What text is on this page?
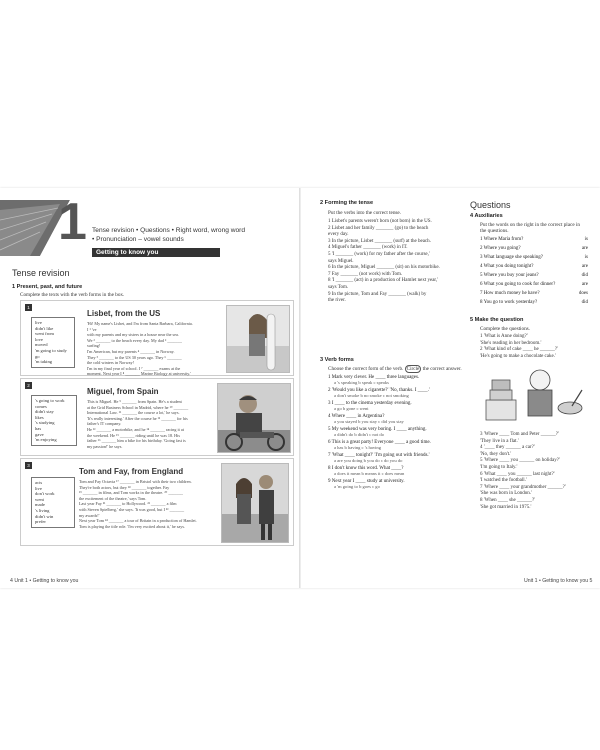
1 Tense revision • Questions • Right word, wrong word
• Pronunciation – vowel sounds
Getting to know you
Tense revision
1 Present, past, and future
Complete the texts with the verb forms in the box.
1
live
didn't like
went from
love
moved
'm going to study
go
'm taking
Lisbet, from the US
'Hi! My name's Lisbet, and I'm from Santa Barbara, California.
I ¹ 've
with my parents and my sisters in a house near the sea.
We ² _______ to the beach every day. My dad ³ _______
surfing!
I'm American, but my parents ⁴ _______ in Norway.
They ⁵ _______ to the US 30 years ago. They ⁶ _______
the cold winters in Norway!
I'm in my final year of school. I ⁷ _______ exams at the
moment. Next year I ⁸ _______ Marine Biology at university.'
2
's going to work
comes
didn't stay
likes
's studying
has
gave
'm enjoying
Miguel, from Spain
This is Miguel. He ⁹ _______ from Spain. He's a student
at the Grid Business School in Madrid, where he ¹⁰ _______
International Law. ¹¹ _______ the course a lot,' he says.
'It's really interesting.' After the course he ¹² _______ for his
father's IT company.
He ¹³ _______ a motorbike, and he ¹⁴ _______ racing it at
the weekend. He ¹⁵ _______ riding until he was 18. His
father ¹⁶ _______ him a bike for his birthday. 'Going fast is
my passion!' he says.
3
acts
live
don't work
went
made
's living
didn't win
prefer
Tom and Fay, from England
Tom and Fay Octavia ¹⁷ _______ in Bristol with their two children.
They're both actors, but they ¹⁸ _______ together. Fay
¹⁹ _______ in films, and Tom works in the theatre. ²⁰ _______
the excitement of the theatre,' says Tom.
Last year Fay ²¹ _______ to Hollywood. ²² _______ a film
with Steven Spielberg,' she says. 'It was good, but I ²³ _______
my awards!'
Next year Tom ²⁴ _______ a tour of Britain in a production of Hamlet.
Tom is playing the title role. 'I'm very excited about it,' he says.
4 Unit 1 • Getting to know you
2 Forming the tense
Put the verbs into the correct tense.
1 Lisbet's parents weren't born (not born) in the US.
2 Lisbet and her family _______ (go) to the beach
every day.
3 In the picture, Lisbet _______ (surf) at the beach.
4 Miguel's father _______ (work) in IT.
5 'I _______ (work) for my father after the course,'
says Miguel.
6 In the picture, Miguel _______ (sit) on his motorbike.
7 Fay _______ (not work) with Tom.
8 'I _______ (act) in a production of Hamlet next year,'
says Tom.
9 In the picture, Tom and Fay _______ (walk) by
the river.
3 Verb forms
Choose the correct form of the verb. Circle the correct answer.
1 Mark very clever. He ____ three languages.
a 's speaking b speak c speaks
2 'Would you like a cigarette?' 'No, thanks. I ____.'
a don't smoke b no smoke c not smoking
3 I ____ to the cinema yesterday evening.
a go b gone c went
4 Where ____ in Argentina?
a you stayed b you stay c did you stay
5 My weekend was very boring. I ____ anything.
a didn't do b didn't c not do
6 This is a great party! Everyone ____ a good time.
a has b having c 's having
7 'What ____ tonight?' 'I'm going out with friends.'
a are you doing b you do c do you do
8 I don't know this word. What ____?
a does it mean b means it c does mean
9 Next year I ____ study at university.
a 'm going to b goes c go
Questions
4 Auxiliaries
Put the words on the right in the correct place in
the questions.
1 Where Maria from?	is
2 Where you going?	are
3 What language she speaking?	is
4 What you doing tonight?	are
5 Where you buy your jeans?	did
6 What you going to cook for dinner?	are
7 How much money he have?	does
8 You go to work yesterday?	did
5 Make the question
Complete the questions.
1 'What is Anne doing?'
'She's reading in her bedroom.'
2 'What kind of cake ____ he ______?'
'He's going to make a chocolate cake.'
3 'Where ____ Tom and Peter ______?'
'They live in a flat.'
4 '____ they ______ a car?'
'No, they don't.'
5 'Where ____ you ______ on holiday?'
'I'm going to Italy.'
6 'What ____ you ______ last night?'
'I watched the football.'
7 'Where ____ your grandmother ______?'
'She was born in London.'
8 'When ____ she ______?'
'She got married in 1975.'
Unit 1 • Getting to know you 5
